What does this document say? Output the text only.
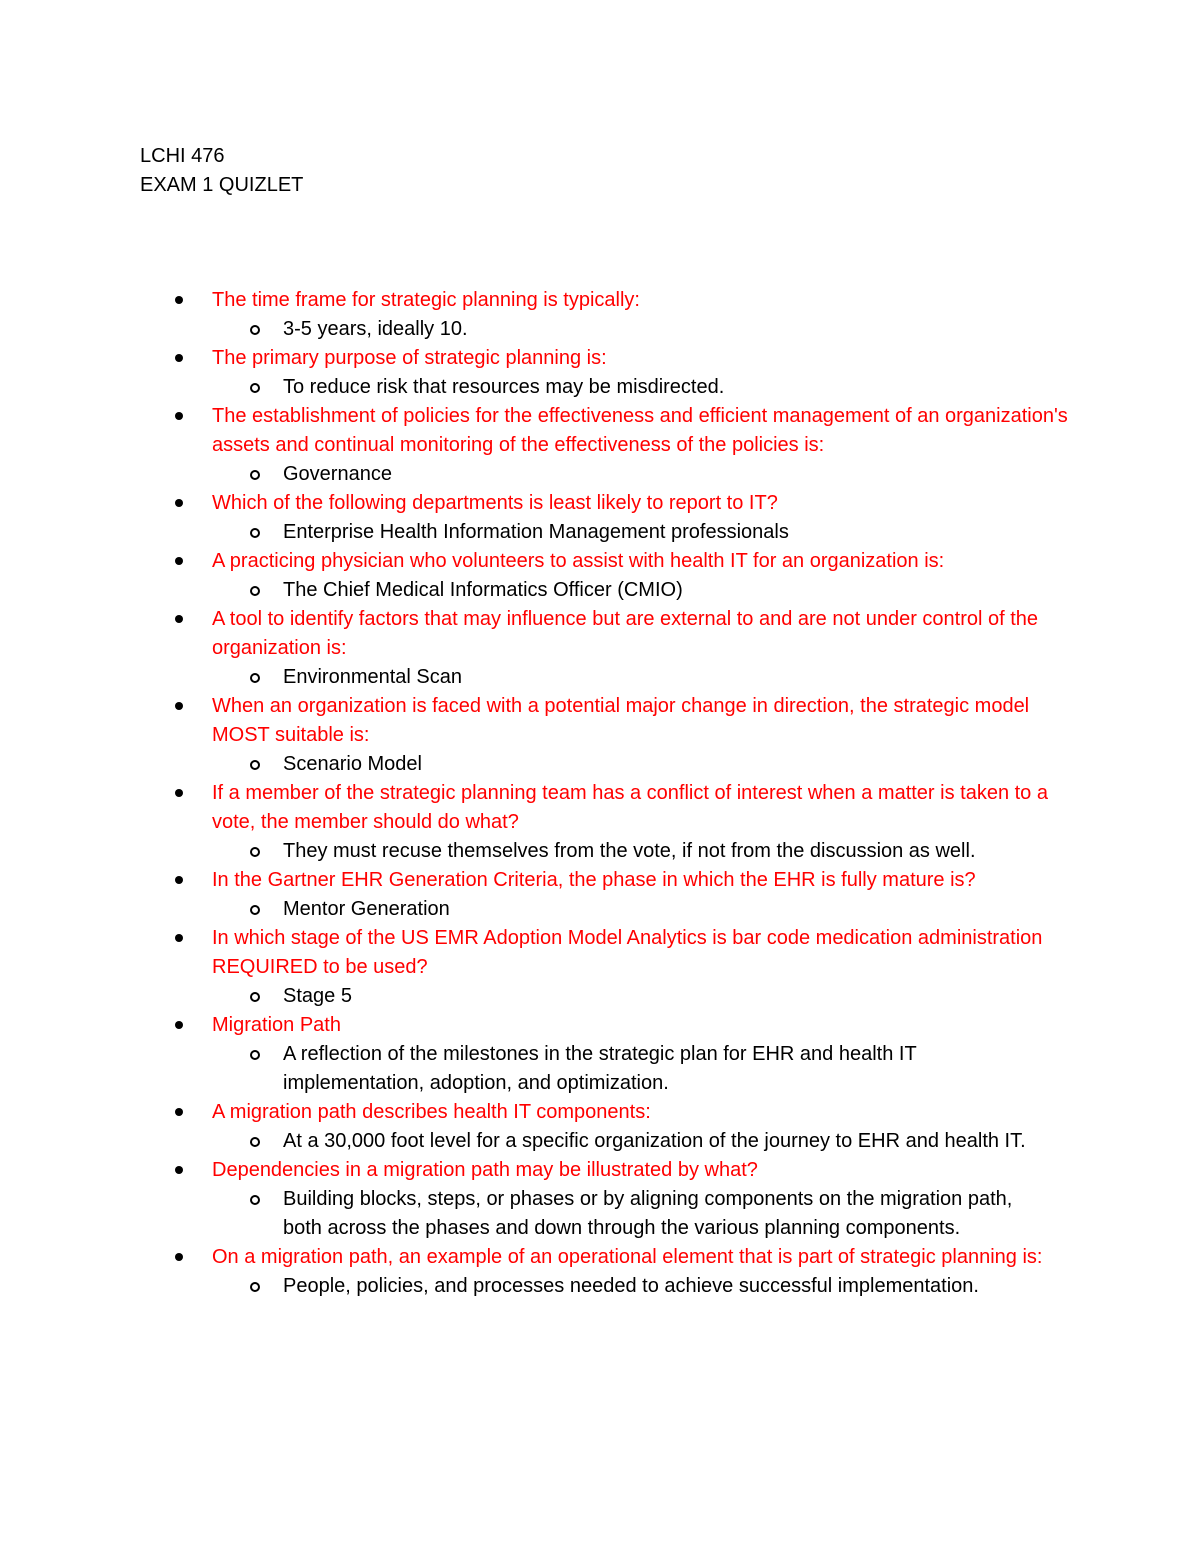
LCHI 476
EXAM 1 QUIZLET
The time frame for strategic planning is typically:
3-5 years, ideally 10.
The primary purpose of strategic planning is:
To reduce risk that resources may be misdirected.
The establishment of policies for the effectiveness and efficient management of an organization's assets and continual monitoring of the effectiveness of the policies is:
Governance
Which of the following departments is least likely to report to IT?
Enterprise Health Information Management professionals
A practicing physician who volunteers to assist with health IT for an organization is:
The Chief Medical Informatics Officer (CMIO)
A tool to identify factors that may influence but are external to and are not under control of the organization is:
Environmental Scan
When an organization is faced with a potential major change in direction, the strategic model MOST suitable is:
Scenario Model
If a member of the strategic planning team has a conflict of interest when a matter is taken to a vote, the member should do what?
They must recuse themselves from the vote, if not from the discussion as well.
In the Gartner EHR Generation Criteria, the phase in which the EHR is fully mature is?
Mentor Generation
In which stage of the US EMR Adoption Model Analytics is bar code medication administration REQUIRED to be used?
Stage 5
Migration Path
A reflection of the milestones in the strategic plan for EHR and health IT implementation, adoption, and optimization.
A migration path describes health IT components:
At a 30,000 foot level for a specific organization of the journey to EHR and health IT.
Dependencies in a migration path may be illustrated by what?
Building blocks, steps, or phases or by aligning components on the migration path, both across the phases and down through the various planning components.
On a migration path, an example of an operational element that is part of strategic planning is:
People, policies, and processes needed to achieve successful implementation.
